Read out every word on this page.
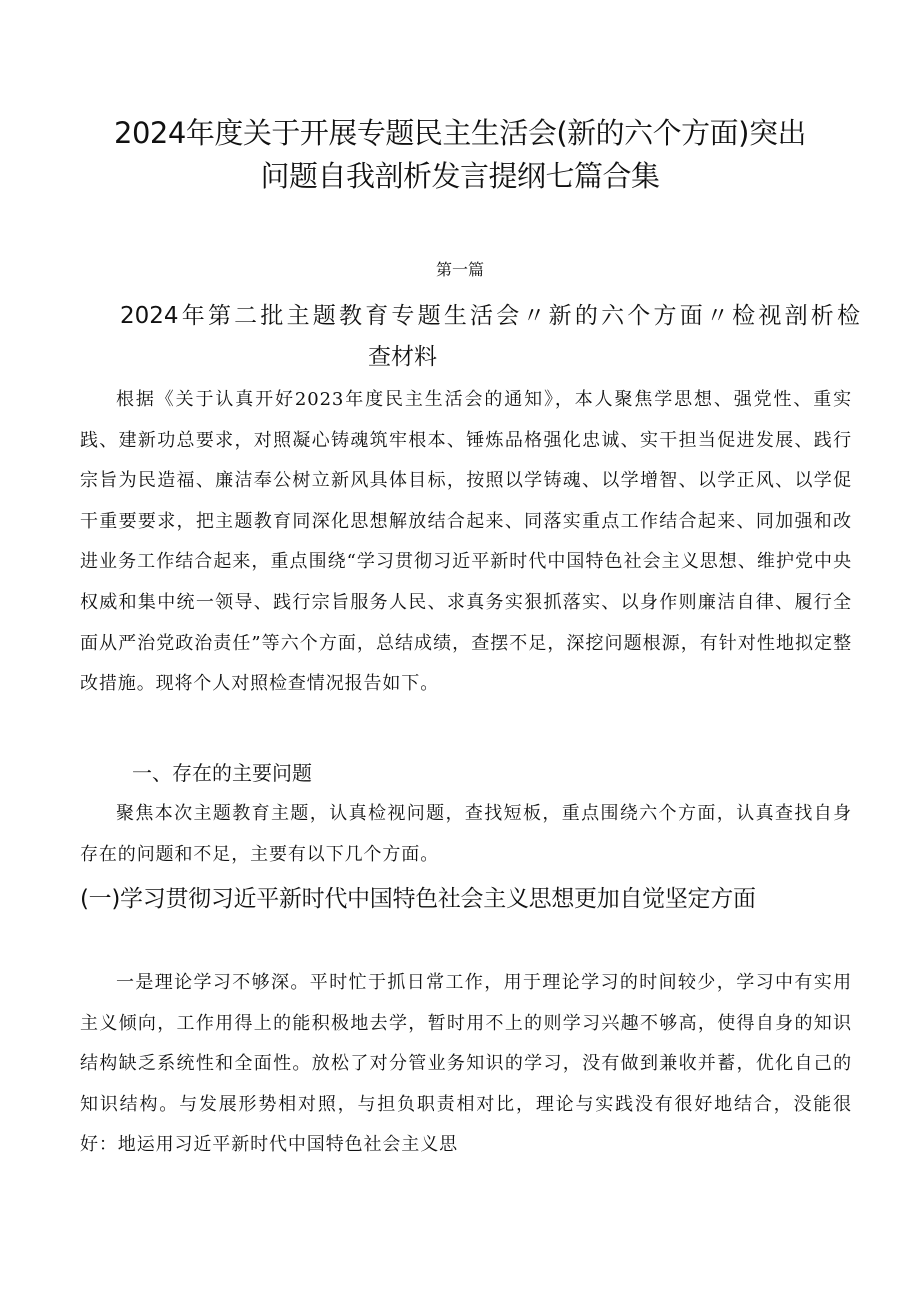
2024年度关于开展专题民主生活会(新的六个方面)突出问题自我剖析发言提纲七篇合集
第一篇
2024年第二批主题教育专题生活会〃新的六个方面〃检视剖析检
查材料

根据《关于认真开好2023年度民主生活会的通知》，本人聚焦学思想、强党性、重实践、建新功总要求，对照凝心铸魂筑牢根本、锤炼品格强化忠诚、实干担当促进发展、践行宗旨为民造福、廉洁奉公树立新风具体目标，按照以学铸魂、以学增智、以学正风、以学促干重要要求，把主题教育同深化思想解放结合起来、同落实重点工作结合起来、同加强和改进业务工作结合起来，重点围绕“学习贯彻习近平新时代中国特色社会主义思想、维护党中央权威和集中统一领导、践行宗旨服务人民、求真务实狠抓落实、以身作则廉洁自律、履行全面从严治党政治责任”等六个方面，总结成绩，查摆不足，深挖问题根源，有针对性地拟定整改措施。现将个人对照检查情况报告如下。

一、存在的主要问题

聚焦本次主题教育主题，认真检视问题，查找短板，重点围绕六个方面，认真查找自身存在的问题和不足，主要有以下几个方面。

(一)学习贯彻习近平新时代中国特色社会主义思想更加自觉坚定方面

一是理论学习不够深。平时忙于抓日常工作，用于理论学习的时间较少，学习中有实用主义倾向，工作用得上的能积极地去学，暂时用不上的则学习兴趣不够高，使得自身的知识结构缺乏系统性和全面性。放松了对分管业务知识的学习，没有做到兼收并蓄，优化自己的知识结构。与发展形势相对照，与担负职责相对比，理论与实践没有很好地结合，没能很好：地运用习近平新时代中国特色社会主义思
